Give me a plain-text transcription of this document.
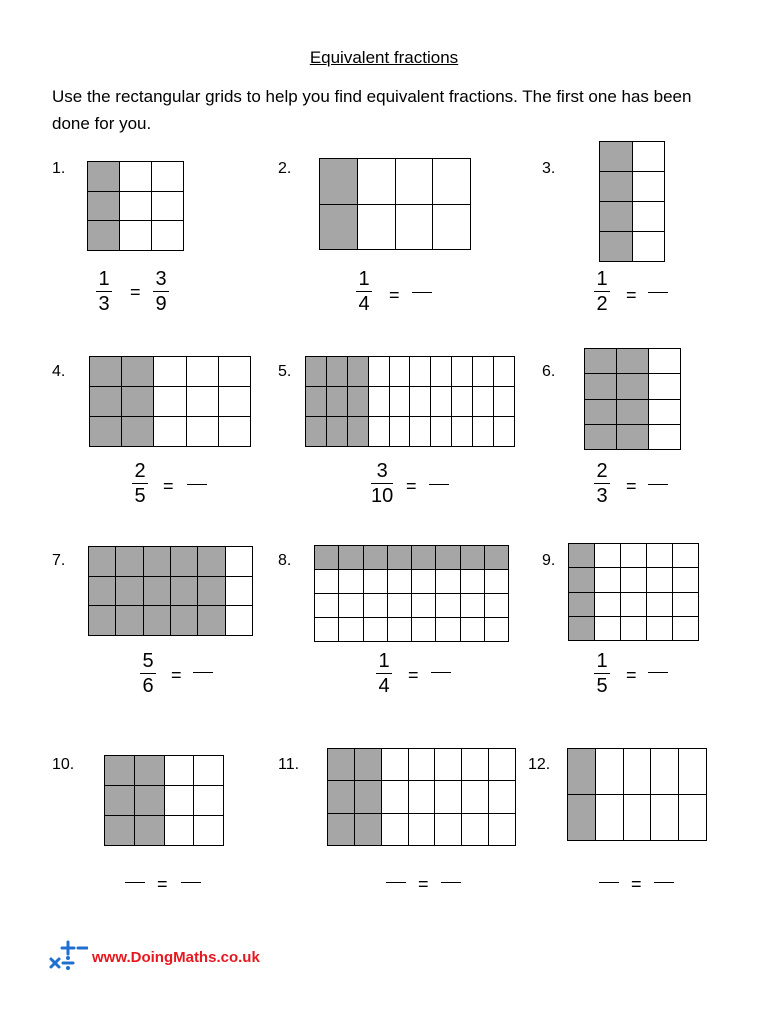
Equivalent fractions
Use the rectangular grids to help you find equivalent fractions. The first one has been done for you.
1.
1
3
=
3
9
2.
1
4 =
3.
1
2 =
4.
2
5 =
5.
3
10 =
6.
2
3 =
7.
5
6 =
8.
1
4 =
9.
1
5 =
10.
=
11.
=
12.
=
www.DoingMaths.co.uk
